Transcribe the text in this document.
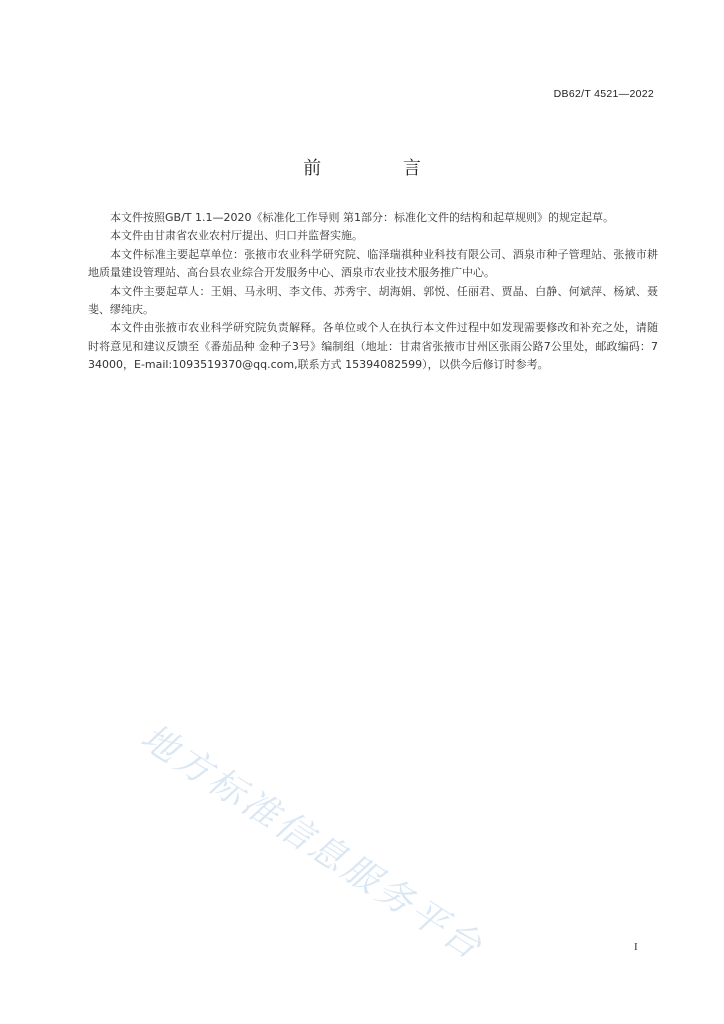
DB62/T 4521—2022
前 言

本文件按照GB/T 1.1—2020《标准化工作导则 第1部分：标准化文件的结构和起草规则》的规定起草。

本文件由甘肃省农业农村厅提出、归口并监督实施。

本文件标准主要起草单位：张掖市农业科学研究院、临泽瑞祺种业科技有限公司、酒泉市种子管理站、张掖市耕地质量建设管理站、高台县农业综合开发服务中心、酒泉市农业技术服务推广中心。

本文件主要起草人：王娟、马永明、李文伟、苏秀宇、胡海娟、郭悦、任丽君、贾晶、白静、何斌萍、杨斌、聂斐、缪纯庆。

本文件由张掖市农业科学研究院负责解释。各单位或个人在执行本文件过程中如发现需要修改和补充之处，请随时将意见和建议反馈至《番茄品种 金种子3号》编制组（地址：甘肃省张掖市甘州区张雨公路7公里处，邮政编码：734000，E-mail:1093519370@qq.com,联系方式 15394082599），以供今后修订时参考。

地方标准信息服务平台	I
